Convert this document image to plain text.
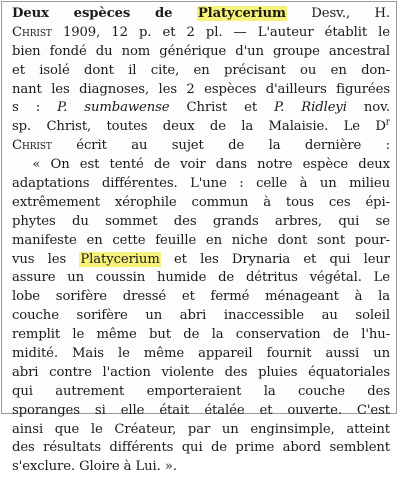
Deux espèces de Platycerium Desv., H.
Christ 1909, 12 p. et 2 pl. — L'auteur établit le
bien fondé du nom générique d'un groupe ancestral
et isolé dont il cite, en précisant ou en don-
nant les diagnoses, les 2 espèces d'ailleurs figurées
s : P. sumbawense Christ et P. Ridleyi nov.
sp. Christ, toutes deux de la Malaisie. Le $D^r$
Christ écrit au sujet de la dernière :
« On est tenté de voir dans notre espèce deux
adaptations différentes. L'une : celle à un milieu
extrêmement xérophile commun à tous ces épi-
phytes du sommet des grands arbres, qui se
manifeste en cette feuille en niche dont sont pour-
vus les Platycerium et les Drynaria et qui leur
assure un coussin humide de détritus végétal. Le
lobe sorifère dressé et fermé ménageant à la
couche sorifère un abri inaccessible au soleil
remplit le même but de la conservation de l'hu-
midité. Mais le même appareil fournit aussi un
abri contre l'action violente des pluies équatoriales
qui autrement emporteraient la couche des
sporanges si elle était étalée et ouverte. C'est
ainsi que le Créateur, par un enginsimple, atteint
des résultats différents qui de prime abord semblent
s'exclure. Gloire à Lui. ».
